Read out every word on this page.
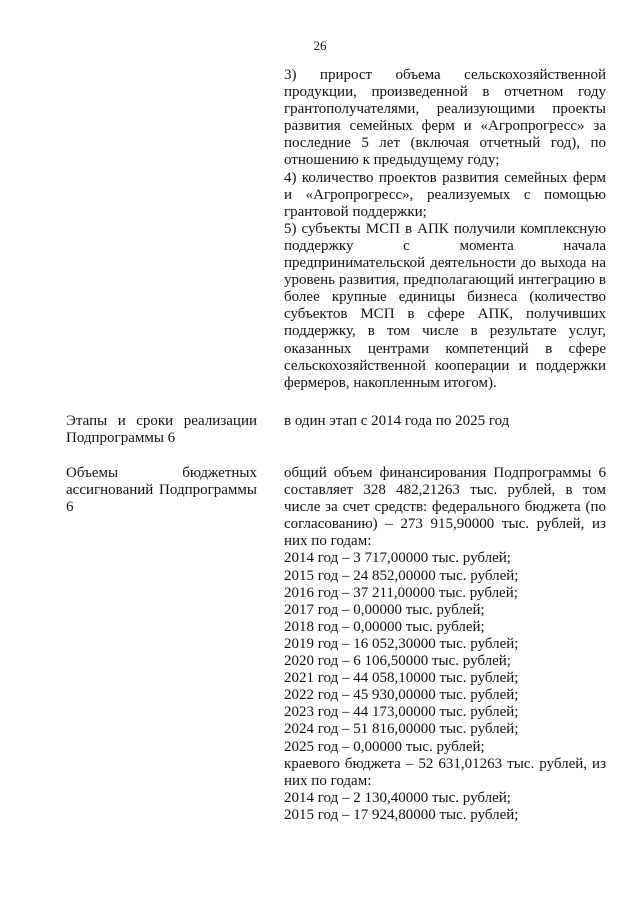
26

3) прирост объема сельскохозяйственной продукции, произведенной в отчетном году грантополучателями, реализующими проекты развития семейных ферм и «Агропрогресс» за последние 5 лет (включая отчетный год), по отношению к предыдущему году;

4) количество проектов развития семейных ферм и «Агропрогресс», реализуемых с помощью грантовой поддержки;

5) субъекты МСП в АПК получили комплексную поддержку с момента начала предпринимательской деятельности до выхода на уровень развития, предполагающий интеграцию в более крупные единицы бизнеса (количество субъектов МСП в сфере АПК, получивших поддержку, в том числе в результате услуг, оказанных центрами компетенций в сфере сельскохозяйственной кооперации и поддержки фермеров, накопленным итогом).

Этапы и сроки реализации Подпрограммы 6

в один этап с 2014 года по 2025 год

Объемы бюджетных ассигнований Подпрограммы 6

общий объем финансирования Подпрограммы 6 составляет 328 482,21263 тыс. рублей, в том числе за счет средств: федерального бюджета (по согласованию) – 273 915,90000 тыс. рублей, из них по годам:

2014 год – 3 717,00000 тыс. рублей;

2015 год – 24 852,00000 тыс. рублей;

2016 год – 37 211,00000 тыс. рублей;

2017 год – 0,00000 тыс. рублей;

2018 год – 0,00000 тыс. рублей;

2019 год – 16 052,30000 тыс. рублей;

2020 год – 6 106,50000 тыс. рублей;

2021 год – 44 058,10000 тыс. рублей;

2022 год – 45 930,00000 тыс. рублей;

2023 год – 44 173,00000 тыс. рублей;

2024 год – 51 816,00000 тыс. рублей;

2025 год – 0,00000 тыс. рублей;

краевого бюджета – 52 631,01263 тыс. рублей, из них по годам:

2014 год – 2 130,40000 тыс. рублей;

2015 год – 17 924,80000 тыс. рублей;
